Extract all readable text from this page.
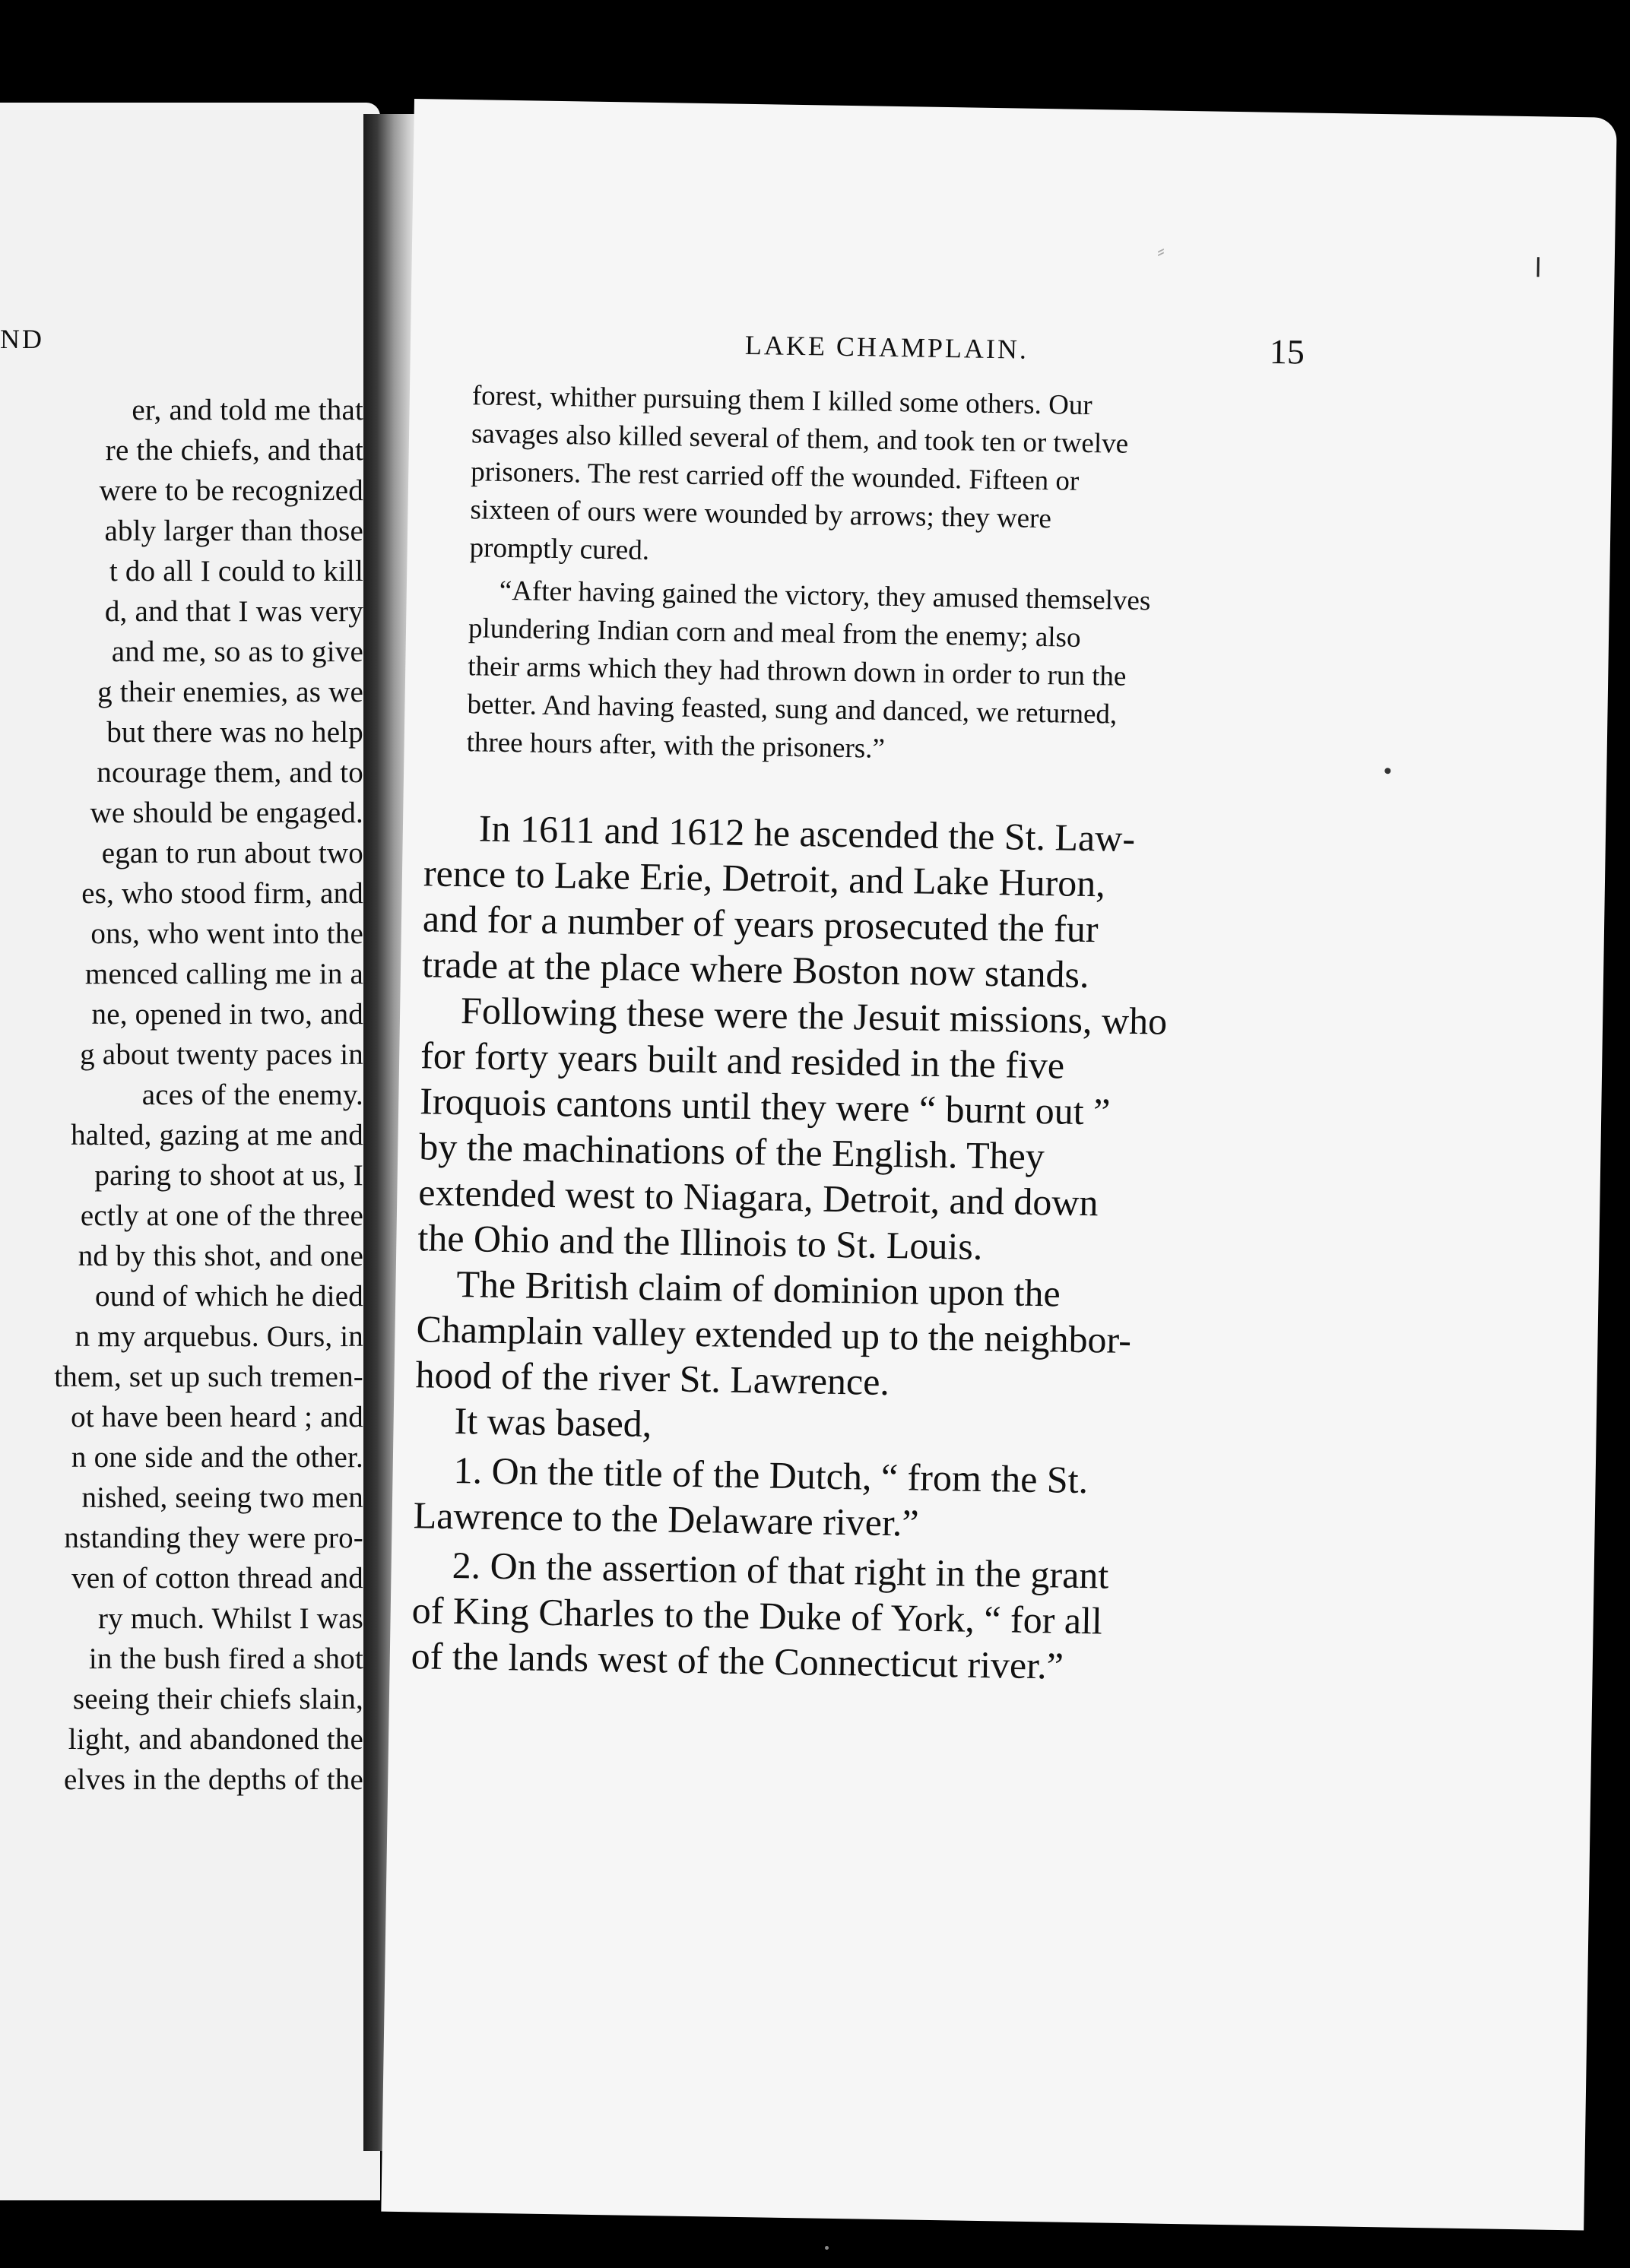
ND
er, and told me that
re the chiefs, and that
were to be recognized
ably larger than those
t do all I could to kill
d, and that I was very
and me, so as to give
g their enemies, as we
but there was no help
ncourage them, and to
we should be engaged.
egan to run about two
es, who stood firm, and
ons, who went into the
menced calling me in a
ne, opened in two, and
g about twenty paces in
aces of the enemy.
halted, gazing at me and
paring to shoot at us, I
ectly at one of the three
nd by this shot, and one
ound of which he died
n my arquebus. Ours, in
them, set up such tremen-
ot have been heard ; and
n one side and the other.
nished, seeing two men
nstanding they were pro-
ven of cotton thread and
ry much. Whilst I was
in the bush fired a shot
seeing their chiefs slain,
light, and abandoned the
elves in the depths of the
⸗
LAKE CHAMPLAIN.	15
forest, whither pursuing them I killed some others. Our
savages also killed several of them, and took ten or twelve
prisoners. The rest carried off the wounded. Fifteen or
sixteen of ours were wounded by arrows; they were
promptly cured.
“After having gained the victory, they amused themselves
plundering Indian corn and meal from the enemy; also
their arms which they had thrown down in order to run the
better. And having feasted, sung and danced, we returned,
three hours after, with the prisoners.”
In 1611 and 1612 he ascended the St. Law-
rence to Lake Erie, Detroit, and Lake Huron,
and for a number of years prosecuted the fur
trade at the place where Boston now stands.
Following these were the Jesuit missions, who
for forty years built and resided in the five
Iroquois cantons until they were “ burnt out ”
by the machinations of the English. They
extended west to Niagara, Detroit, and down
the Ohio and the Illinois to St. Louis.
The British claim of dominion upon the
Champlain valley extended up to the neighbor-
hood of the river St. Lawrence.
It was based,
1. On the title of the Dutch, “ from the St.
Lawrence to the Delaware river.”
2. On the assertion of that right in the grant
of King Charles to the Duke of York, “ for all
of the lands west of the Connecticut river.”
